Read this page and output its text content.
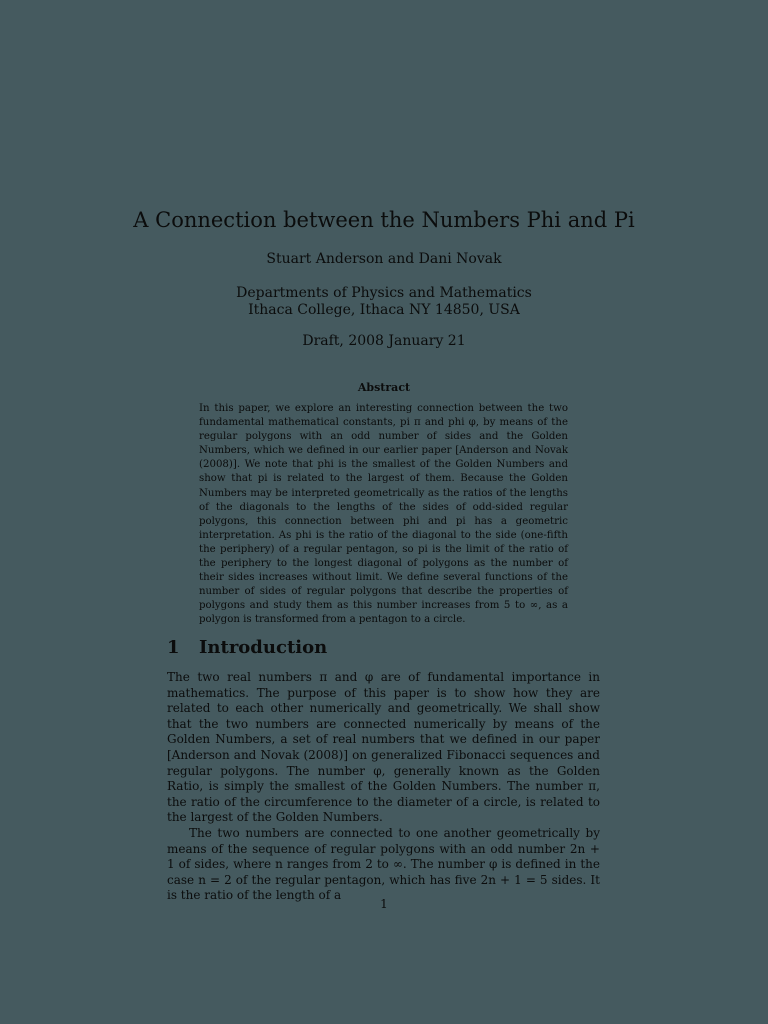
A Connection between the Numbers Phi and Pi
Stuart Anderson and Dani Novak
Departments of Physics and Mathematics
Ithaca College, Ithaca NY 14850, USA
Draft, 2008 January 21
Abstract
In this paper, we explore an interesting connection between the two fundamental mathematical constants, pi π and phi φ, by means of the regular polygons with an odd number of sides and the Golden Numbers, which we defined in our earlier paper [Anderson and Novak (2008)]. We note that phi is the smallest of the Golden Numbers and show that pi is related to the largest of them. Because the Golden Numbers may be interpreted geometrically as the ratios of the lengths of the diagonals to the lengths of the sides of odd-sided regular polygons, this connection between phi and pi has a geometric interpretation. As phi is the ratio of the diagonal to the side (one-fifth the periphery) of a regular pentagon, so pi is the limit of the ratio of the periphery to the longest diagonal of polygons as the number of their sides increases without limit. We define several functions of the number of sides of regular polygons that describe the properties of polygons and study them as this number increases from 5 to ∞, as a polygon is transformed from a pentagon to a circle.
1 Introduction

The two real numbers π and φ are of fundamental importance in mathematics. The purpose of this paper is to show how they are related to each other numerically and geometrically. We shall show that the two numbers are connected numerically by means of the Golden Numbers, a set of real numbers that we defined in our paper [Anderson and Novak (2008)] on generalized Fibonacci sequences and regular polygons. The number φ, generally known as the Golden Ratio, is simply the smallest of the Golden Numbers. The number π, the ratio of the circumference to the diameter of a circle, is related to the largest of the Golden Numbers.

The two numbers are connected to one another geometrically by means of the sequence of regular polygons with an odd number 2n + 1 of sides, where n ranges from 2 to ∞. The number φ is defined in the case n = 2 of the regular pentagon, which has five 2n + 1 = 5 sides. It is the ratio of the length of a

1
